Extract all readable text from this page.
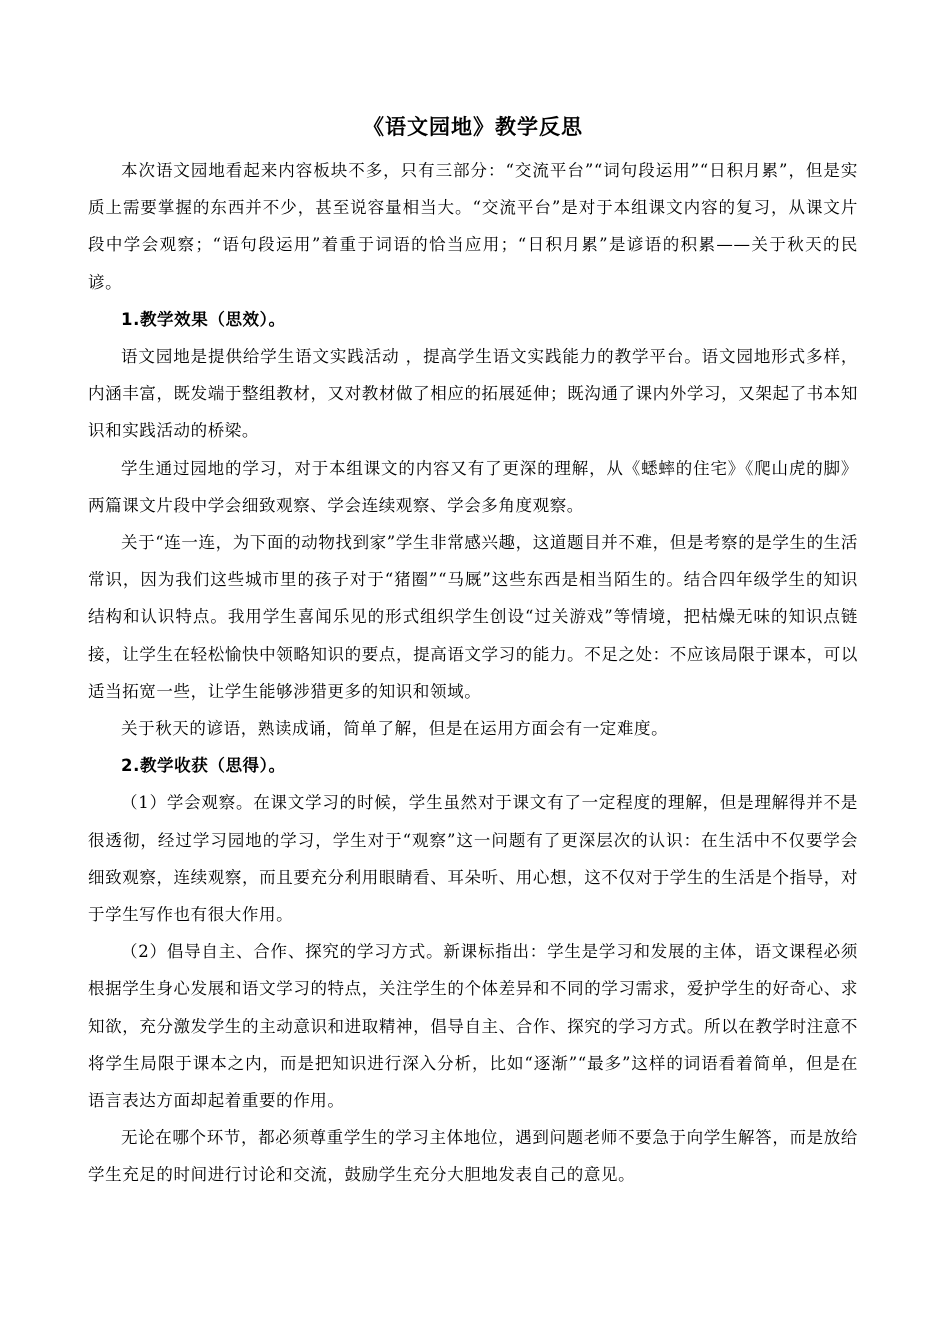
《语文园地》教学反思

本次语文园地看起来内容板块不多，只有三部分：“交流平台”“词句段运用”“日积月累”，但是实质上需要掌握的东西并不少，甚至说容量相当大。“交流平台”是对于本组课文内容的复习，从课文片段中学会观察；“语句段运用”着重于词语的恰当应用；“日积月累”是谚语的积累——关于秋天的民谚。

1.教学效果（思效）。

语文园地是提供给学生语文实践活动 ，提高学生语文实践能力的教学平台。语文园地形式多样，内涵丰富，既发端于整组教材，又对教材做了相应的拓展延伸；既沟通了课内外学习，又架起了书本知识和实践活动的桥梁。

学生通过园地的学习，对于本组课文的内容又有了更深的理解，从《蟋蟀的住宅》《爬山虎的脚》两篇课文片段中学会细致观察、学会连续观察、学会多角度观察。

关于“连一连，为下面的动物找到家”学生非常感兴趣，这道题目并不难，但是考察的是学生的生活常识，因为我们这些城市里的孩子对于“猪圈”“马厩”这些东西是相当陌生的。结合四年级学生的知识结构和认识特点。我用学生喜闻乐见的形式组织学生创设“过关游戏”等情境，把枯燥无味的知识点链接，让学生在轻松愉快中领略知识的要点，提高语文学习的能力。不足之处：不应该局限于课本，可以适当拓宽一些，让学生能够涉猎更多的知识和领域。

关于秋天的谚语，熟读成诵，简单了解，但是在运用方面会有一定难度。

2.教学收获（思得）。

（1）学会观察。在课文学习的时候，学生虽然对于课文有了一定程度的理解，但是理解得并不是很透彻，经过学习园地的学习，学生对于“观察”这一问题有了更深层次的认识：在生活中不仅要学会细致观察，连续观察，而且要充分利用眼睛看、耳朵听、用心想，这不仅对于学生的生活是个指导，对于学生写作也有很大作用。

（2）倡导自主、合作、探究的学习方式。新课标指出：学生是学习和发展的主体，语文课程必须根据学生身心发展和语文学习的特点，关注学生的个体差异和不同的学习需求，爱护学生的好奇心、求知欲，充分激发学生的主动意识和进取精神，倡导自主、合作、探究的学习方式。所以在教学时注意不将学生局限于课本之内，而是把知识进行深入分析，比如“逐渐”“最多”这样的词语看着简单，但是在语言表达方面却起着重要的作用。

无论在哪个环节，都必须尊重学生的学习主体地位，遇到问题老师不要急于向学生解答，而是放给学生充足的时间进行讨论和交流，鼓励学生充分大胆地发表自己的意见。
